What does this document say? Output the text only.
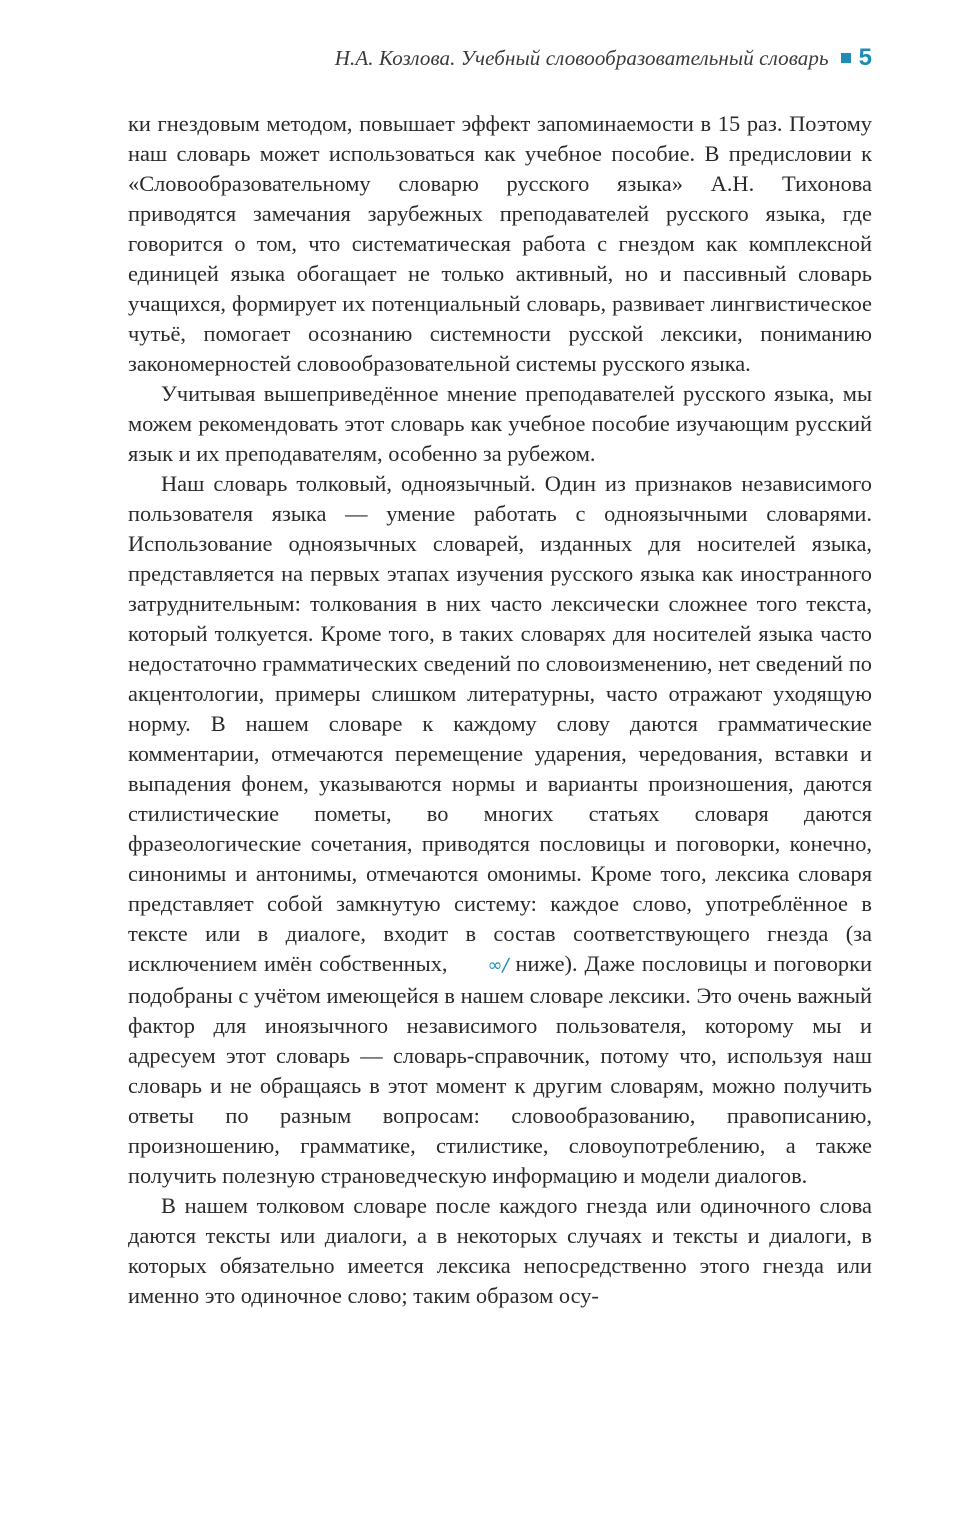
Н.А. Козлова. Учебный словообразовательный словарь 5

ки гнездовым методом, повышает эффект запоминаемости в 15 раз. Поэтому наш словарь может использоваться как учебное пособие. В предисловии к «Словообразовательному словарю русского языка» А.Н. Тихонова приводятся замечания зарубежных преподавателей русского языка, где говорится о том, что систематическая работа с гнездом как комплексной единицей языка обогащает не только активный, но и пассивный словарь учащихся, формирует их потенциальный словарь, развивает лингвистическое чутьё, помогает осознанию системности русской лексики, пониманию закономерностей словообразовательной системы русского языка.

Учитывая вышеприведённое мнение преподавателей русского языка, мы можем рекомендовать этот словарь как учебное пособие изучающим русский язык и их преподавателям, особенно за рубежом.

Наш словарь толковый, одноязычный. Один из признаков независимого пользователя языка — умение работать с одноязычными словарями. Использование одноязычных словарей, изданных для носителей языка, представляется на первых этапах изучения русского языка как иностранного затруднительным: толкования в них часто лексически сложнее того текста, который толкуется. Кроме того, в таких словарях для носителей языка часто недостаточно грамматических сведений по словоизменению, нет сведений по акцентологии, примеры слишком литературны, часто отражают уходящую норму. В нашем словаре к каждому слову даются грамматические комментарии, отмечаются перемещение ударения, чередования, вставки и выпадения фонем, указываются нормы и варианты произношения, даются стилистические пометы, во многих статьях словаря даются фразеологические сочетания, приводятся пословицы и поговорки, конечно, синонимы и антонимы, отмечаются омонимы. Кроме того, лексика словаря представляет собой замкнутую систему: каждое слово, употреблённое в тексте или в диалоге, входит в состав соответствующего гнезда (за исключением имён собственных, ∞∕ ниже). Даже пословицы и поговорки подобраны с учётом имеющейся в нашем словаре лексики. Это очень важный фактор для иноязычного независимого пользователя, которому мы и адресуем этот словарь — словарь-справочник, потому что, используя наш словарь и не обращаясь в этот момент к другим словарям, можно получить ответы по разным вопросам: словообразованию, правописанию, произношению, грамматике, стилистике, словоупотреблению, а также получить полезную страноведческую информацию и модели диалогов.

В нашем толковом словаре после каждого гнезда или одиночного слова даются тексты или диалоги, а в некоторых случаях и тексты и диалоги, в которых обязательно имеется лексика непосредственно этого гнезда или именно это одиночное слово; таким образом осу-
